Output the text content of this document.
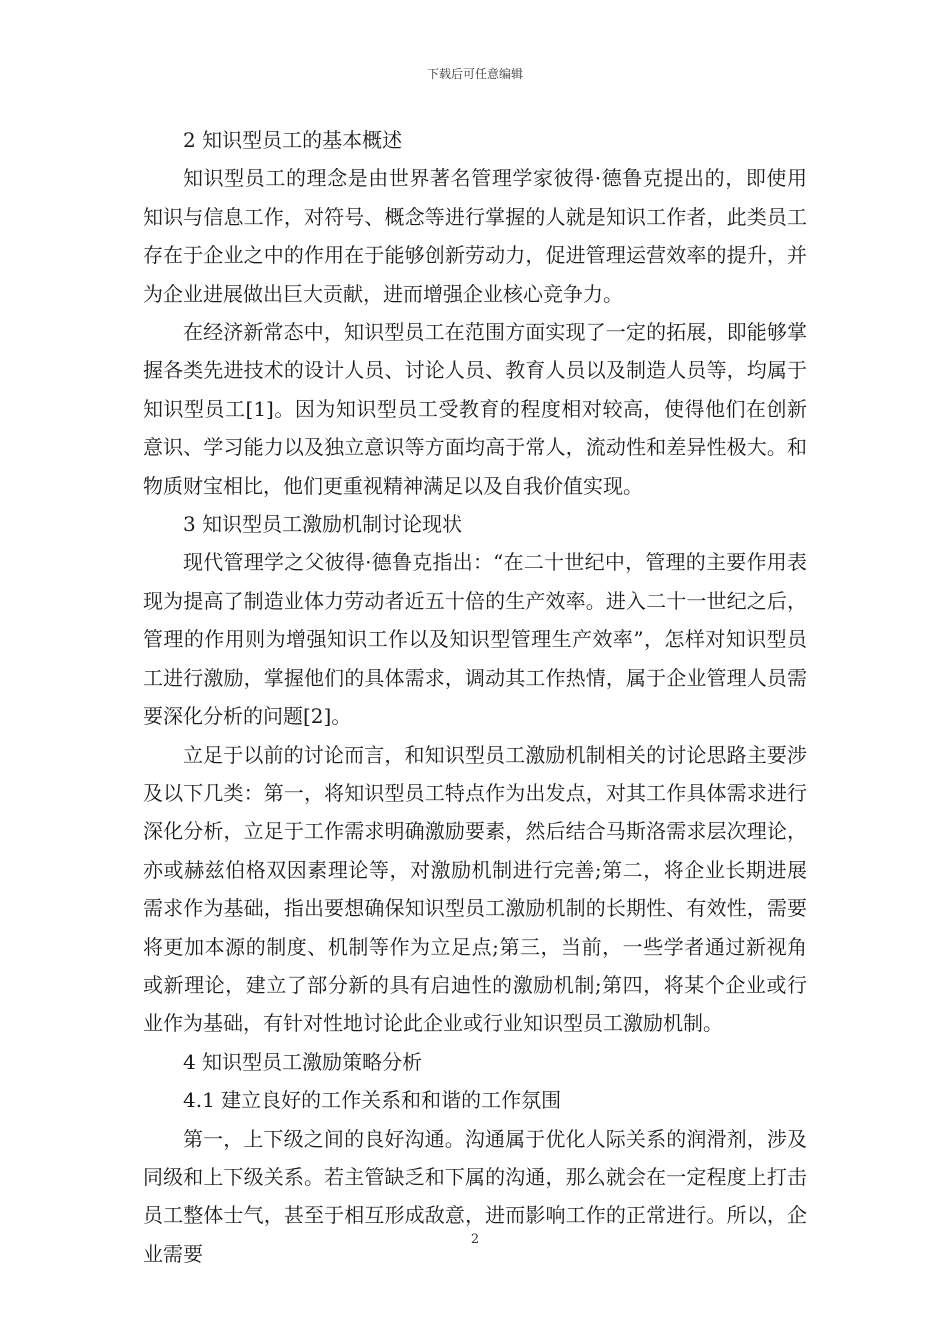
下载后可任意编辑

2 知识型员工的基本概述

知识型员工的理念是由世界著名管理学家彼得·德鲁克提出的，即使用知识与信息工作，对符号、概念等进行掌握的人就是知识工作者，此类员工存在于企业之中的作用在于能够创新劳动力，促进管理运营效率的提升，并为企业进展做出巨大贡献，进而增强企业核心竞争力。

在经济新常态中，知识型员工在范围方面实现了一定的拓展，即能够掌握各类先进技术的设计人员、讨论人员、教育人员以及制造人员等，均属于知识型员工[1]。因为知识型员工受教育的程度相对较高，使得他们在创新意识、学习能力以及独立意识等方面均高于常人，流动性和差异性极大。和物质财宝相比，他们更重视精神满足以及自我价值实现。

3 知识型员工激励机制讨论现状

现代管理学之父彼得·德鲁克指出：“在二十世纪中，管理的主要作用表现为提高了制造业体力劳动者近五十倍的生产效率。进入二十一世纪之后，管理的作用则为增强知识工作以及知识型管理生产效率”，怎样对知识型员工进行激励，掌握他们的具体需求，调动其工作热情，属于企业管理人员需要深化分析的问题[2]。

立足于以前的讨论而言，和知识型员工激励机制相关的讨论思路主要涉及以下几类：第一，将知识型员工特点作为出发点，对其工作具体需求进行深化分析，立足于工作需求明确激励要素，然后结合马斯洛需求层次理论，亦或赫兹伯格双因素理论等，对激励机制进行完善;第二，将企业长期进展需求作为基础，指出要想确保知识型员工激励机制的长期性、有效性，需要将更加本源的制度、机制等作为立足点;第三，当前，一些学者通过新视角或新理论，建立了部分新的具有启迪性的激励机制;第四，将某个企业或行业作为基础，有针对性地讨论此企业或行业知识型员工激励机制。

4 知识型员工激励策略分析

4.1 建立良好的工作关系和和谐的工作氛围

第一，上下级之间的良好沟通。沟通属于优化人际关系的润滑剂，涉及同级和上下级关系。若主管缺乏和下属的沟通，那么就会在一定程度上打击员工整体士气，甚至于相互形成敌意，进而影响工作的正常进行。所以，企业需要

2
